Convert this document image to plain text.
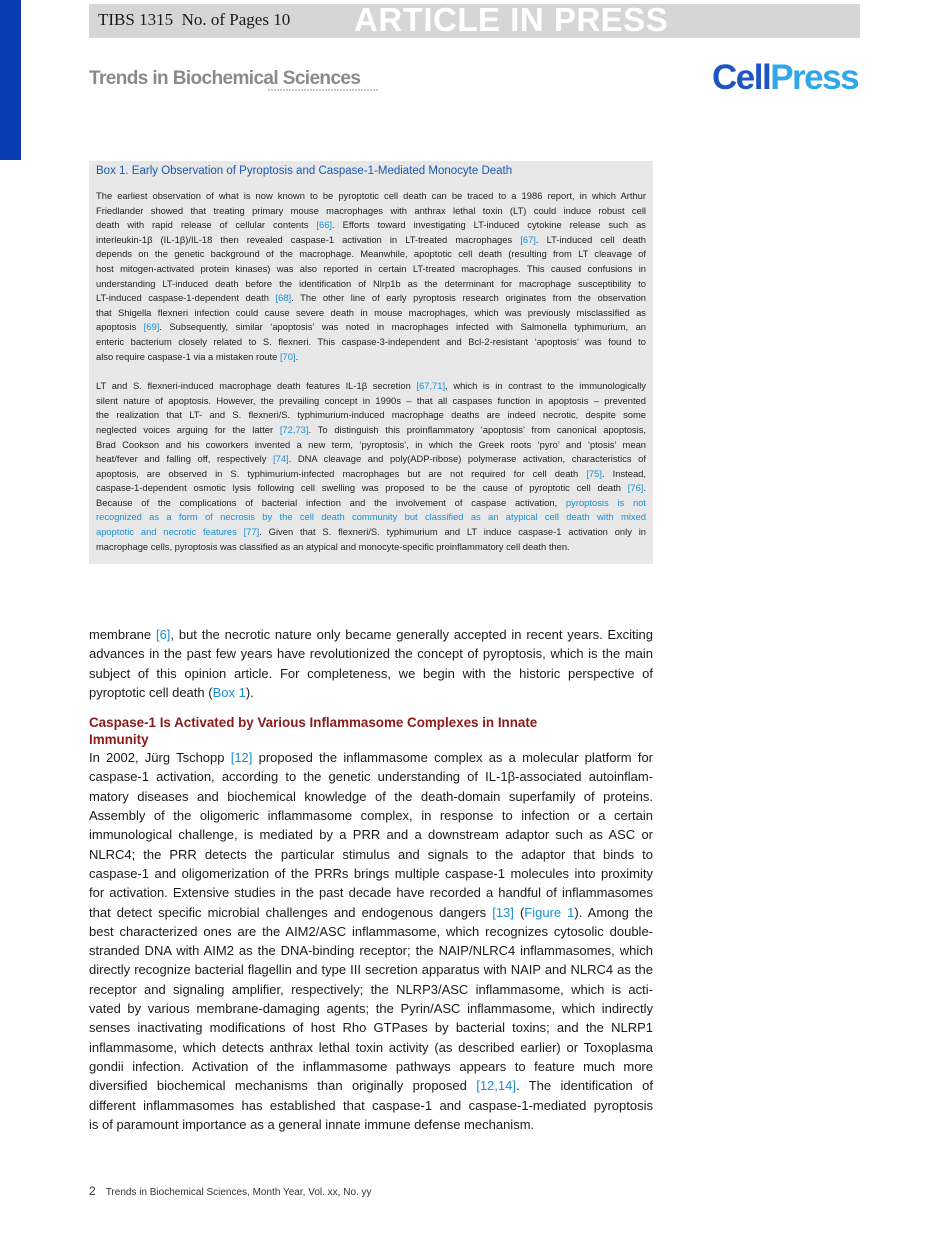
TIBS 1315 No. of Pages 10 ARTICLE IN PRESS
Trends in Biochemical Sciences	CellPress
Box 1. Early Observation of Pyroptosis and Caspase-1-Mediated Monocyte Death
The earliest observation of what is now known to be pyroptotic cell death can be traced to a 1986 report, in which Arthur
Friedlander showed that treating primary mouse macrophages with anthrax lethal toxin (LT) could induce robust cell
death with rapid release of cellular contents [66]. Efforts toward investigating LT-induced cytokine release such as
interleukin-1β (IL-1β)/IL-18 then revealed caspase-1 activation in LT-treated macrophages [67]. LT-induced cell death
depends on the genetic background of the macrophage. Meanwhile, apoptotic cell death (resulting from LT cleavage of
host mitogen-activated protein kinases) was also reported in certain LT-treated macrophages. This caused confusions in
understanding LT-induced death before the identification of Nlrp1b as the determinant for macrophage susceptibility to
LT-induced caspase-1-dependent death [68]. The other line of early pyroptosis research originates from the observation
that Shigella flexneri infection could cause severe death in mouse macrophages, which was previously misclassified as
apoptosis [69]. Subsequently, similar ‘apoptosis’ was noted in macrophages infected with Salmonella typhimurium, an
enteric bacterium closely related to S. flexneri. This caspase-3-independent and Bcl-2-resistant ‘apoptosis’ was found to
also require caspase-1 via a mistaken route [70].
LT and S. flexneri-induced macrophage death features IL-1β secretion [67,71], which is in contrast to the immunologically
silent nature of apoptosis. However, the prevailing concept in 1990s – that all caspases function in apoptosis – prevented
the realization that LT- and S. flexneri/S. typhimurium-induced macrophage deaths are indeed necrotic, despite some
neglected voices arguing for the latter [72,73]. To distinguish this proinflammatory ‘apoptosis’ from canonical apoptosis,
Brad Cookson and his coworkers invented a new term, ‘pyroptosis’, in which the Greek roots ‘pyro’ and ‘ptosis’ mean
heat/fever and falling off, respectively [74]. DNA cleavage and poly(ADP-ribose) polymerase activation, characteristics of
apoptosis, are observed in S. typhimurium-infected macrophages but are not required for cell death [75]. Instead,
caspase-1-dependent osmotic lysis following cell swelling was proposed to be the cause of pyroptotic cell death [76].
Because of the complications of bacterial infection and the involvement of caspase activation, pyroptosis is not
recognized as a form of necrosis by the cell death community but classified as an atypical cell death with mixed
apoptotic and necrotic features [77]. Given that S. flexneri/S. typhimurium and LT induce caspase-1 activation only in
macrophage cells, pyroptosis was classified as an atypical and monocyte-specific proinflammatory cell death then.
membrane [6], but the necrotic nature only became generally accepted in recent years. Exciting
advances in the past few years have revolutionized the concept of pyroptosis, which is the main
subject of this opinion article. For completeness, we begin with the historic perspective of
pyroptotic cell death (Box 1).
Caspase-1 Is Activated by Various Inflammasome Complexes in Innate
Immunity
In 2002, Jürg Tschopp [12] proposed the inflammasome complex as a molecular platform for
caspase-1 activation, according to the genetic understanding of IL-1β-associated autoinflam-
matory diseases and biochemical knowledge of the death-domain superfamily of proteins.
Assembly of the oligomeric inflammasome complex, in response to infection or a certain
immunological challenge, is mediated by a PRR and a downstream adaptor such as ASC or
NLRC4; the PRR detects the particular stimulus and signals to the adaptor that binds to
caspase-1 and oligomerization of the PRRs brings multiple caspase-1 molecules into proximity
for activation. Extensive studies in the past decade have recorded a handful of inflammasomes
that detect specific microbial challenges and endogenous dangers [13] (Figure 1). Among the
best characterized ones are the AIM2/ASC inflammasome, which recognizes cytosolic double-
stranded DNA with AIM2 as the DNA-binding receptor; the NAIP/NLRC4 inflammasomes, which
directly recognize bacterial flagellin and type III secretion apparatus with NAIP and NLRC4 as the
receptor and signaling amplifier, respectively; the NLRP3/ASC inflammasome, which is acti-
vated by various membrane-damaging agents; the Pyrin/ASC inflammasome, which indirectly
senses inactivating modifications of host Rho GTPases by bacterial toxins; and the NLRP1
inflammasome, which detects anthrax lethal toxin activity (as described earlier) or Toxoplasma
gondii infection. Activation of the inflammasome pathways appears to feature much more
diversified biochemical mechanisms than originally proposed [12,14]. The identification of
different inflammasomes has established that caspase-1 and caspase-1-mediated pyroptosis
is of paramount importance as a general innate immune defense mechanism.
2 Trends in Biochemical Sciences, Month Year, Vol. xx, No. yy
